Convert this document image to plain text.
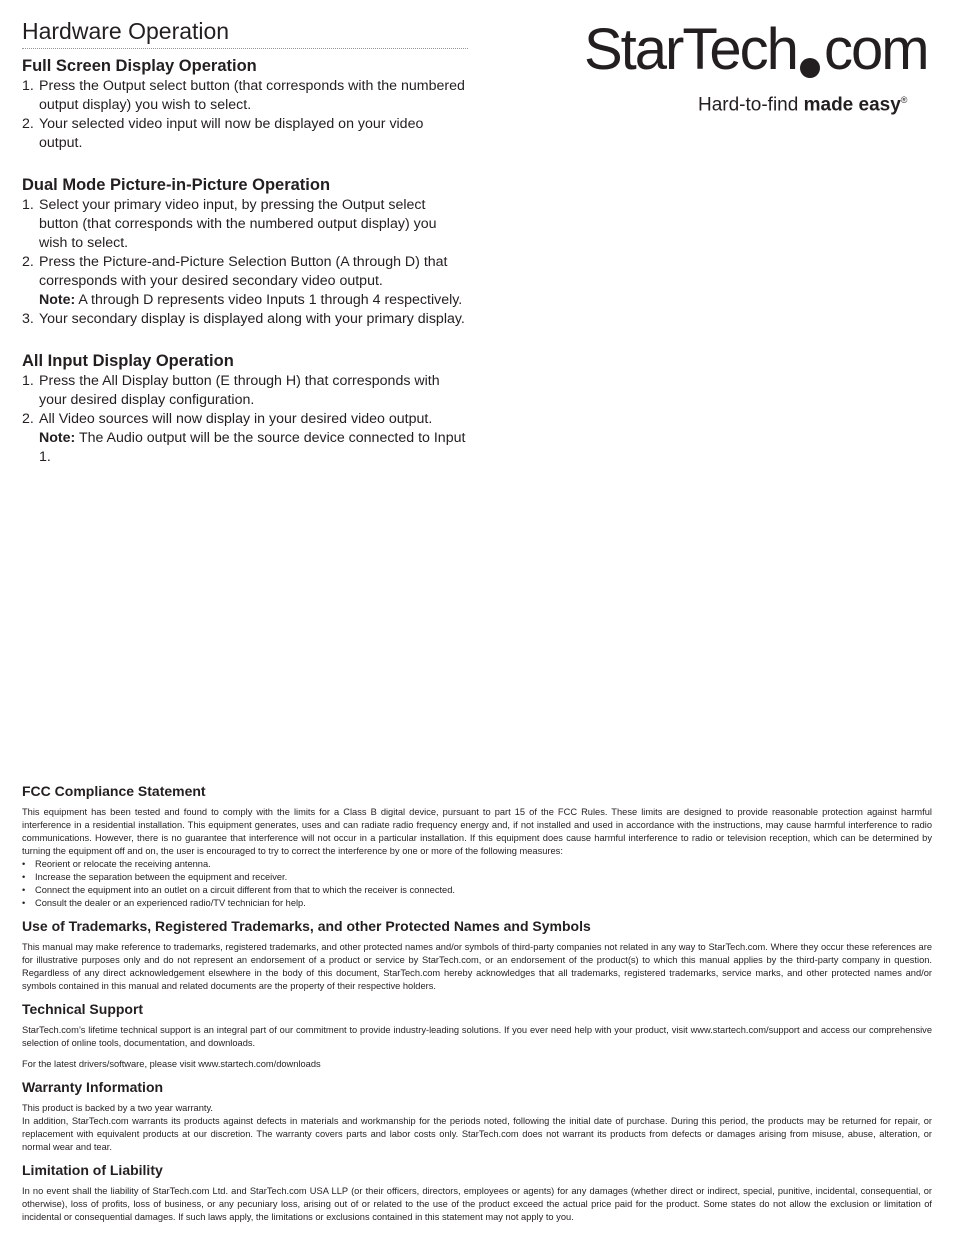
Hardware Operation	StarTech com
Hard-to-find made easy®
Full Screen Display Operation
1. Press the Output select button (that corresponds with the numbered output display) you wish to select.
2. Your selected video input will now be displayed on your video output.
Dual Mode Picture-in-Picture Operation
1. Select your primary video input, by pressing the Output select button (that corresponds with the numbered output display) you wish to select.
2. Press the Picture-and-Picture Selection Button (A through D) that corresponds with your desired secondary video output.
Note: A through D represents video Inputs 1 through 4 respectively.
3. Your secondary display is displayed along with your primary display.
All Input Display Operation
1. Press the All Display button (E through H) that corresponds with your desired display configuration.
2. All Video sources will now display in your desired video output.
Note: The Audio output will be the source device connected to Input 1.
FCC Compliance Statement

This equipment has been tested and found to comply with the limits for a Class B digital device, pursuant to part 15 of the FCC Rules. These limits are designed to provide reasonable protection against harmful interference in a residential installation. This equipment generates, uses and can radiate radio frequency energy and, if not installed and used in accordance with the instructions, may cause harmful interference to radio communications. However, there is no guarantee that interference will not occur in a particular installation. If this equipment does cause harmful interference to radio or television reception, which can be determined by turning the equipment off and on, the user is encouraged to try to correct the interference by one or more of the following measures:

•	Reorient or relocate the receiving antenna.
•	Increase the separation between the equipment and receiver.
•	Connect the equipment into an outlet on a circuit different from that to which the receiver is connected.
•	Consult the dealer or an experienced radio/TV technician for help.
Use of Trademarks, Registered Trademarks, and other Protected Names and Symbols

This manual may make reference to trademarks, registered trademarks, and other protected names and/or symbols of third-party companies not related in any way to StarTech.com. Where they occur these references are for illustrative purposes only and do not represent an endorsement of a product or service by StarTech.com, or an endorsement of the product(s) to which this manual applies by the third-party company in question. Regardless of any direct acknowledgement elsewhere in the body of this document, StarTech.com hereby acknowledges that all trademarks, registered trademarks, service marks, and other protected names and/or symbols contained in this manual and related documents are the property of their respective holders.

Technical Support

StarTech.com’s lifetime technical support is an integral part of our commitment to provide industry-leading solutions. If you ever need help with your product, visit www.startech.com/support and access our comprehensive selection of online tools, documentation, and downloads.

For the latest drivers/software, please visit www.startech.com/downloads

Warranty Information

This product is backed by a two year warranty.

In addition, StarTech.com warrants its products against defects in materials and workmanship for the periods noted, following the initial date of purchase. During this period, the products may be returned for repair, or replacement with equivalent products at our discretion. The warranty covers parts and labor costs only. StarTech.com does not warrant its products from defects or damages arising from misuse, abuse, alteration, or normal wear and tear.

Limitation of Liability

In no event shall the liability of StarTech.com Ltd. and StarTech.com USA LLP (or their officers, directors, employees or agents) for any damages (whether direct or indirect, special, punitive, incidental, consequential, or otherwise), loss of profits, loss of business, or any pecuniary loss, arising out of or related to the use of the product exceed the actual price paid for the product. Some states do not allow the exclusion or limitation of incidental or consequential damages. If such laws apply, the limitations or exclusions contained in this statement may not apply to you.
